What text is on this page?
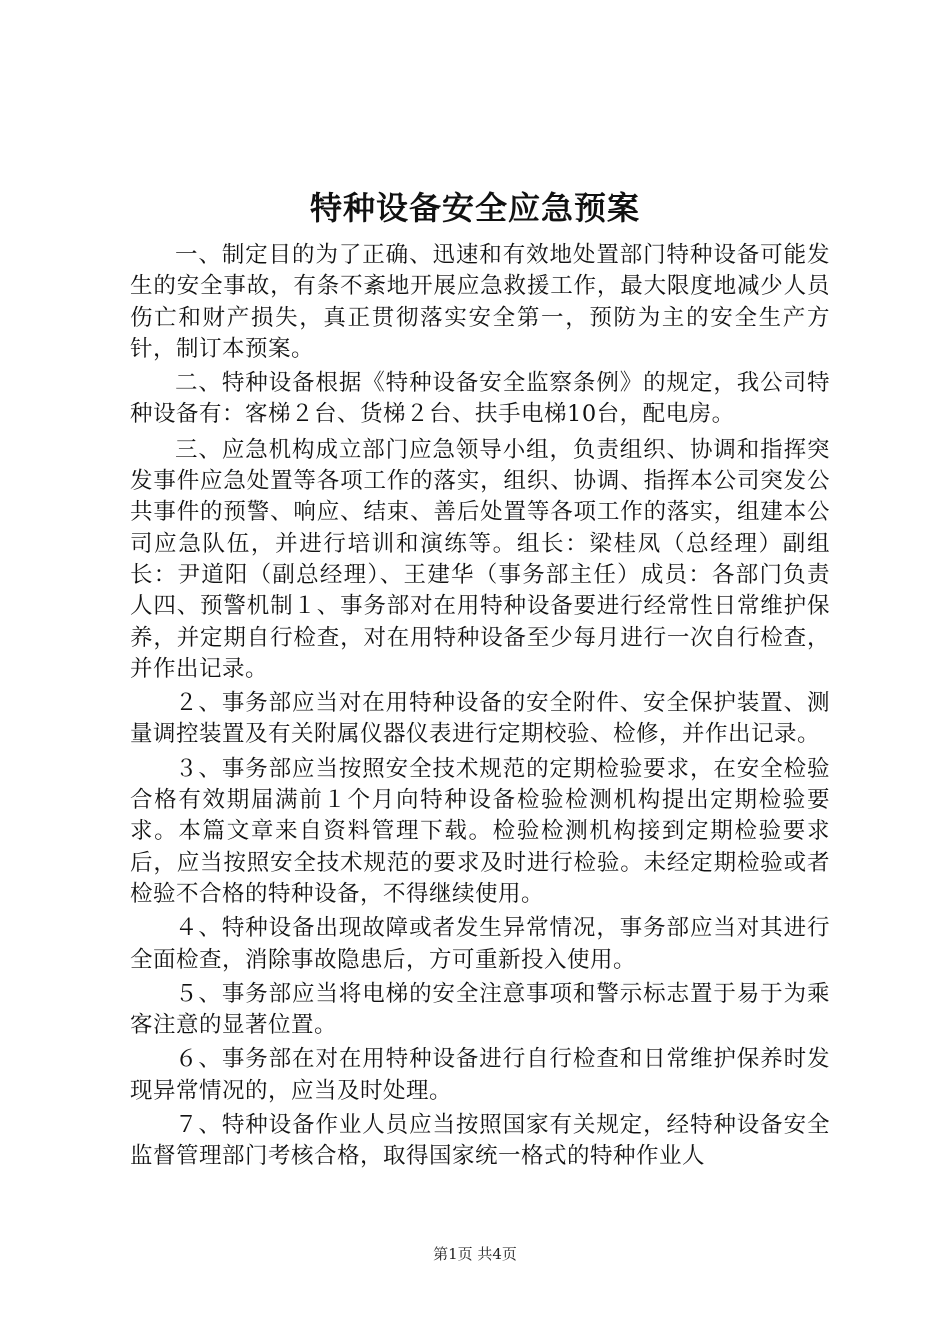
特种设备安全应急预案

一、制定目的为了正确、迅速和有效地处置部门特种设备可能发生的安全事故，有条不紊地开展应急救援工作，最大限度地减少人员伤亡和财产损失，真正贯彻落实安全第一，预防为主的安全生产方针，制订本预案。

二、特种设备根据《特种设备安全监察条例》的规定，我公司特种设备有：客梯２台、货梯２台、扶手电梯10台，配电房。

三、应急机构成立部门应急领导小组，负责组织、协调和指挥突发事件应急处置等各项工作的落实，组织、协调、指挥本公司突发公共事件的预警、响应、结束、善后处置等各项工作的落实，组建本公司应急队伍，并进行培训和演练等。组长：梁桂凤（总经理）副组长：尹道阳（副总经理）、王建华（事务部主任）成员：各部门负责人四、预警机制１、事务部对在用特种设备要进行经常性日常维护保养，并定期自行检查，对在用特种设备至少每月进行一次自行检查，并作出记录。

２、事务部应当对在用特种设备的安全附件、安全保护装置、测量调控装置及有关附属仪器仪表进行定期校验、检修，并作出记录。

３、事务部应当按照安全技术规范的定期检验要求，在安全检验合格有效期届满前１个月向特种设备检验检测机构提出定期检验要求。本篇文章来自资料管理下载。检验检测机构接到定期检验要求后，应当按照安全技术规范的要求及时进行检验。未经定期检验或者检验不合格的特种设备，不得继续使用。

４、特种设备出现故障或者发生异常情况，事务部应当对其进行全面检查，消除事故隐患后，方可重新投入使用。

５、事务部应当将电梯的安全注意事项和警示标志置于易于为乘客注意的显著位置。

６、事务部在对在用特种设备进行自行检查和日常维护保养时发现异常情况的，应当及时处理。

７、特种设备作业人员应当按照国家有关规定，经特种设备安全监督管理部门考核合格，取得国家统一格式的特种作业人

第1页 共4页
